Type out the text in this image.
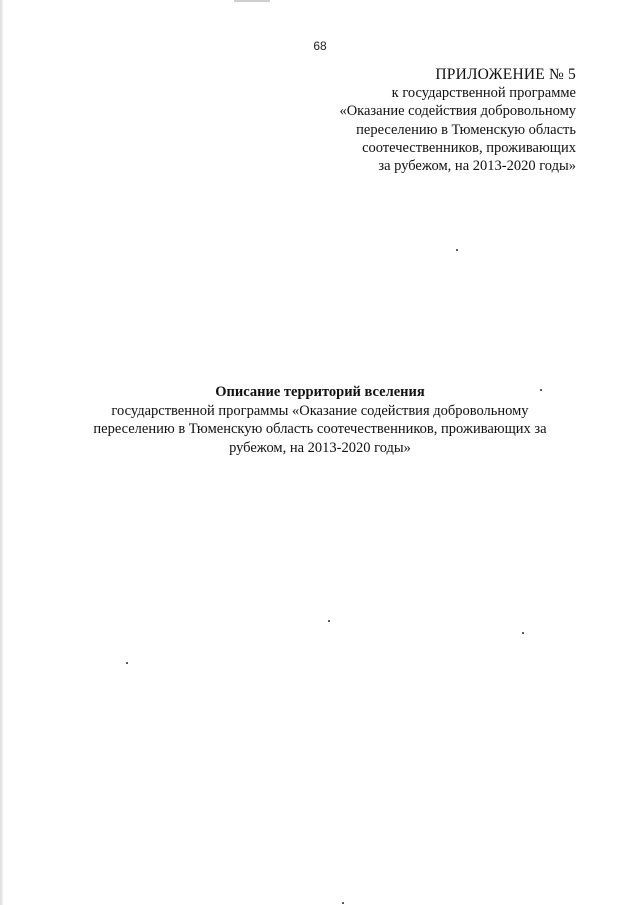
68
ПРИЛОЖЕНИЕ № 5
к государственной программе
«Оказание содействия добровольному
переселению в Тюменскую область
соотечественников, проживающих
за рубежом, на 2013-2020 годы»
Описание территорий вселения
государственной программы «Оказание содействия добровольному
переселению в Тюменскую область соотечественников, проживающих за
рубежом, на 2013-2020 годы»
